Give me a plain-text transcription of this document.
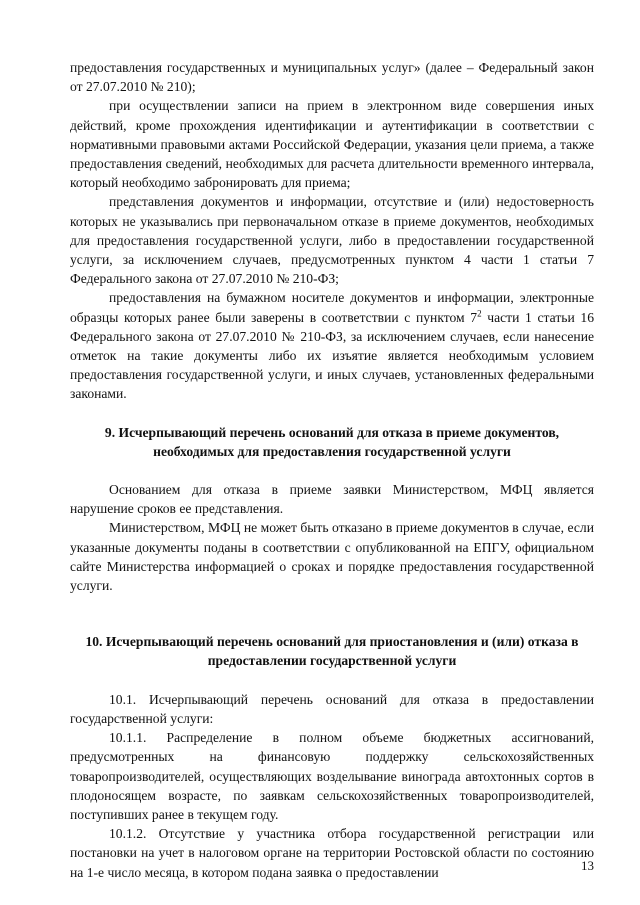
предоставления государственных и муниципальных услуг» (далее – Федеральный закон от 27.07.2010 № 210);

при осуществлении записи на прием в электронном виде совершения иных действий, кроме прохождения идентификации и аутентификации в соответствии с нормативными правовыми актами Российской Федерации, указания цели приема, а также предоставления сведений, необходимых для расчета длительности временного интервала, который необходимо забронировать для приема;

представления документов и информации, отсутствие и (или) недостоверность которых не указывались при первоначальном отказе в приеме документов, необходимых для предоставления государственной услуги, либо в предоставлении государственной услуги, за исключением случаев, предусмотренных пунктом 4 части 1 статьи 7 Федерального закона от 27.07.2010 № 210-ФЗ;

предоставления на бумажном носителе документов и информации, электронные образцы которых ранее были заверены в соответствии с пунктом $7^2$ части 1 статьи 16 Федерального закона от 27.07.2010 № 210-ФЗ, за исключением случаев, если нанесение отметок на такие документы либо их изъятие является необходимым условием предоставления государственной услуги, и иных случаев, установленных федеральными законами.

9. Исчерпывающий перечень оснований для отказа в приеме документов, необходимых для предоставления государственной услуги

Основанием для отказа в приеме заявки Министерством, МФЦ является нарушение сроков ее представления.

Министерством, МФЦ не может быть отказано в приеме документов в случае, если указанные документы поданы в соответствии с опубликованной на ЕПГУ, официальном сайте Министерства информацией о сроках и порядке предоставления государственной услуги.

10. Исчерпывающий перечень оснований для приостановления и (или) отказа в предоставлении государственной услуги

10.1. Исчерпывающий перечень оснований для отказа в предоставлении государственной услуги:

10.1.1. Распределение в полном объеме бюджетных ассигнований, предусмотренных на финансовую поддержку сельскохозяйственных товаропроизводителей, осуществляющих возделывание винограда автохтонных сортов в плодоносящем возрасте, по заявкам сельскохозяйственных товаропроизводителей, поступивших ранее в текущем году.

10.1.2. Отсутствие у участника отбора государственной регистрации или постановки на учет в налоговом органе на территории Ростовской области по состоянию на 1-е число месяца, в котором подана заявка о предоставлении	13
